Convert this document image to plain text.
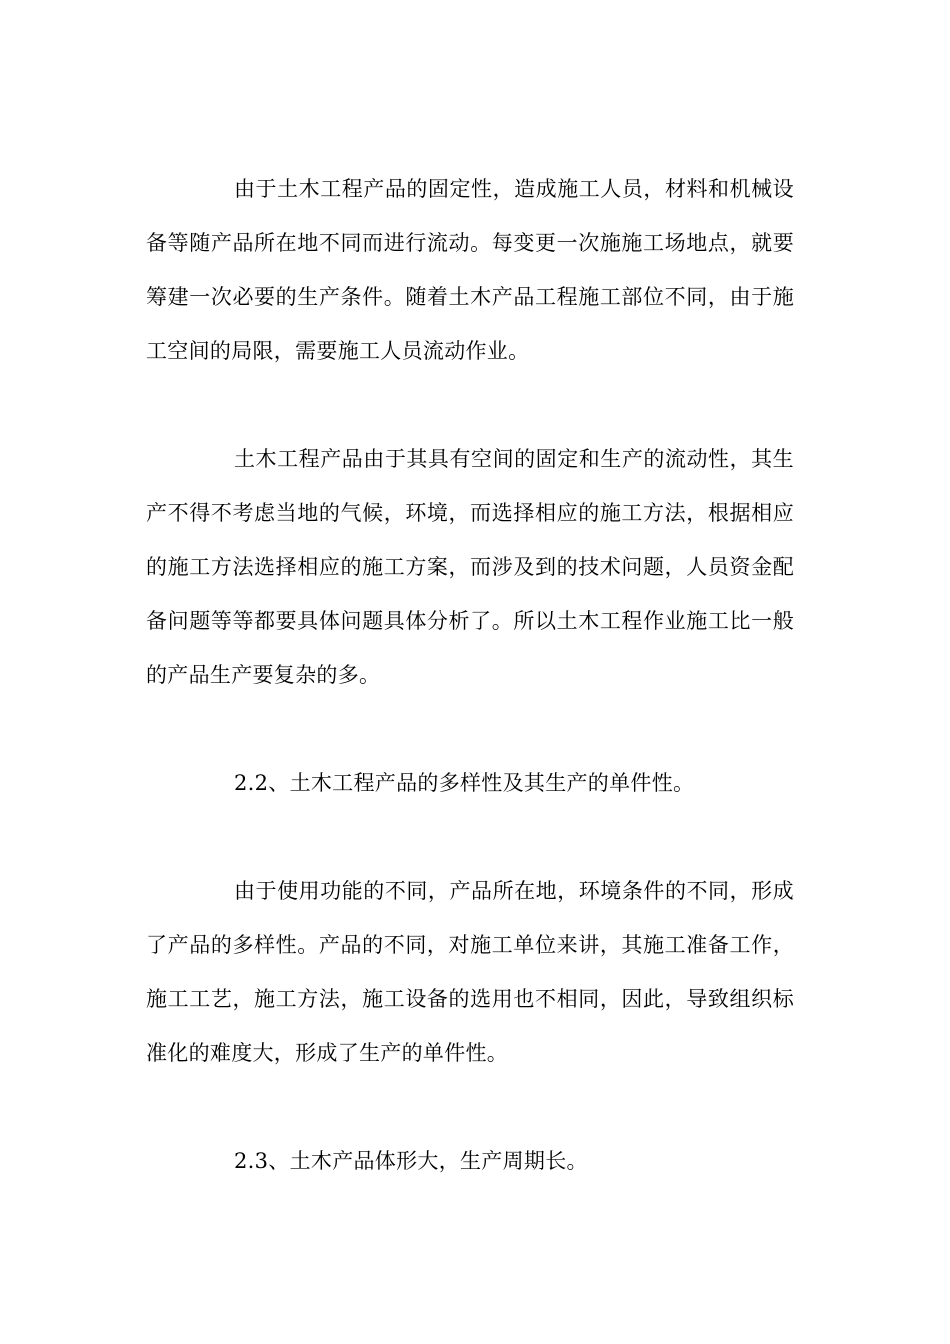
由于土木工程产品的固定性，造成施工人员，材料和机械设备等随产品所在地不同而进行流动。每变更一次施施工场地点，就要筹建一次必要的生产条件。随着土木产品工程施工部位不同，由于施工空间的局限，需要施工人员流动作业。

土木工程产品由于其具有空间的固定和生产的流动性，其生产不得不考虑当地的气候，环境，而选择相应的施工方法，根据相应的施工方法选择相应的施工方案，而涉及到的技术问题，人员资金配备问题等等都要具体问题具体分析了。所以土木工程作业施工比一般的产品生产要复杂的多。

2.2、土木工程产品的多样性及其生产的单件性。

由于使用功能的不同，产品所在地，环境条件的不同，形成了产品的多样性。产品的不同，对施工单位来讲，其施工准备工作，施工工艺，施工方法，施工设备的选用也不相同，因此，导致组织标准化的难度大，形成了生产的单件性。

2.3、土木产品体形大，生产周期长。
